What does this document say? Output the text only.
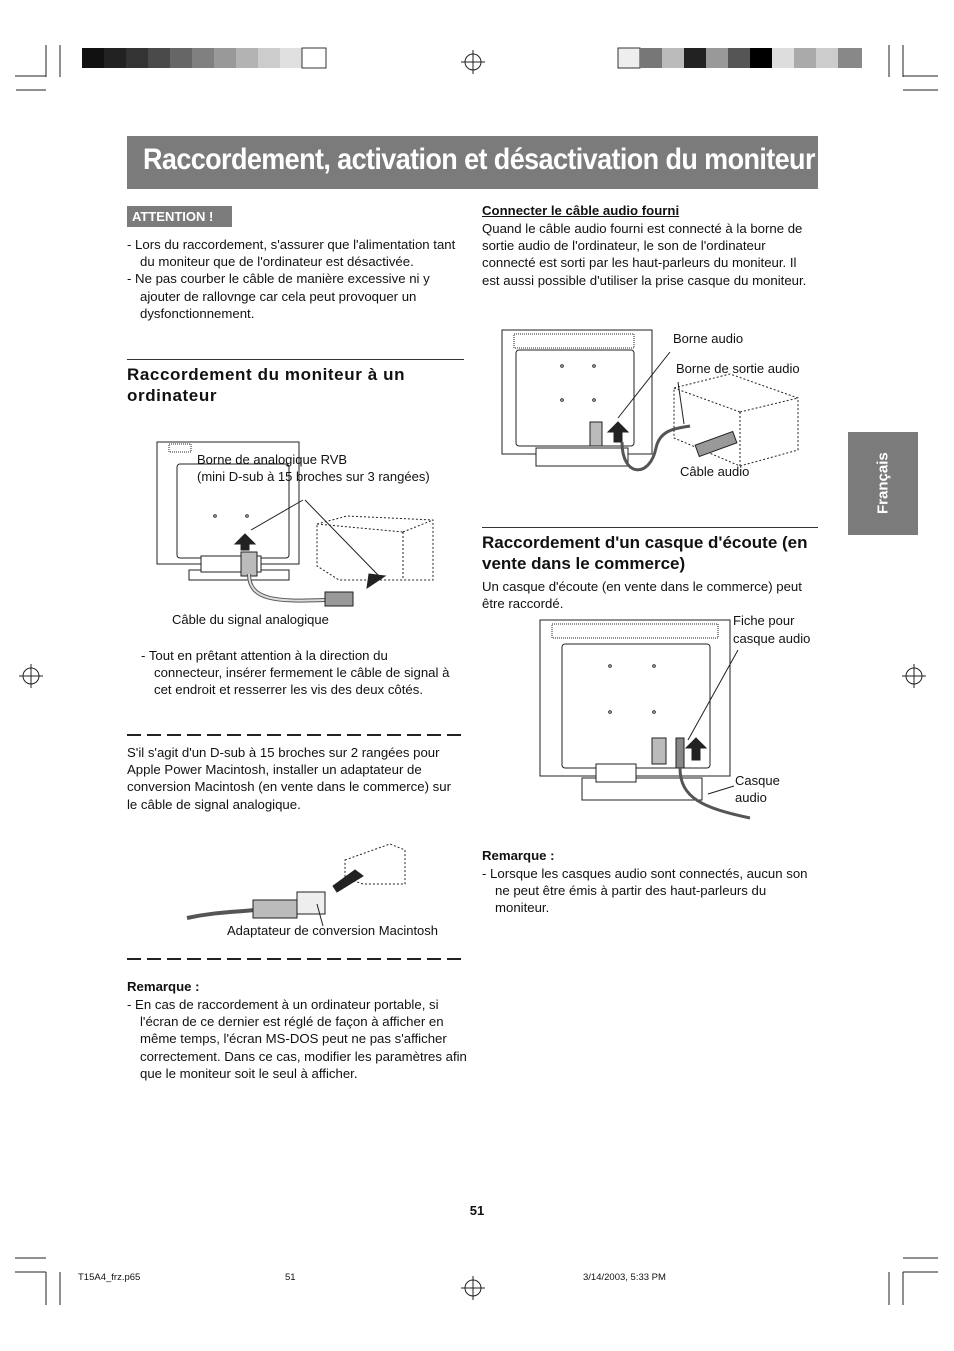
Raccordement, activation et désactivation du moniteur
Français
ATTENTION !
- Lors du raccordement, s'assurer que l'alimentation tant du moniteur que de l'ordinateur est désactivée.
- Ne pas courber le câble de manière excessive ni y ajouter de rallovnge car cela peut provoquer un dysfonctionnement.
Raccordement du moniteur à un ordinateur
Borne de analogique RVB
(mini D-sub à 15 broches sur 3 rangées)
Câble du signal analogique
- Tout en prêtant attention à la direction du connecteur, insérer fermement le câble de signal à cet endroit et resserrer les vis des deux côtés.
S'il s'agit d'un D-sub à 15 broches sur 2 rangées pour Apple Power Macintosh, installer un adaptateur de conversion Macintosh (en vente dans le commerce) sur le câble de signal analogique.
Adaptateur de conversion Macintosh
Remarque :
- En cas de raccordement à un ordinateur portable, si l'écran de ce dernier est réglé de façon à afficher en même temps, l'écran MS-DOS peut ne pas s'afficher correctement. Dans ce cas, modifier les paramètres afin que le moniteur soit le seul à afficher.
Connecter le câble audio fourni
Quand le câble audio fourni est connecté à la borne de sortie audio de l'ordinateur, le son de l'ordinateur connecté est sorti par les haut-parleurs du moniteur. Il est aussi possible d'utiliser la prise casque du moniteur.
Borne audio
Borne de sortie audio
Câble audio
Raccordement d'un casque d'écoute (en vente dans le commerce)
Un casque d'écoute (en vente dans le commerce) peut être raccordé.
Fiche pour
casque audio
Casque
audio
Remarque :
- Lorsque les casques audio sont connectés, aucun son ne peut être émis à partir des haut-parleurs du moniteur.
51
T15A4_frz.p65	51	3/14/2003, 5:33 PM
